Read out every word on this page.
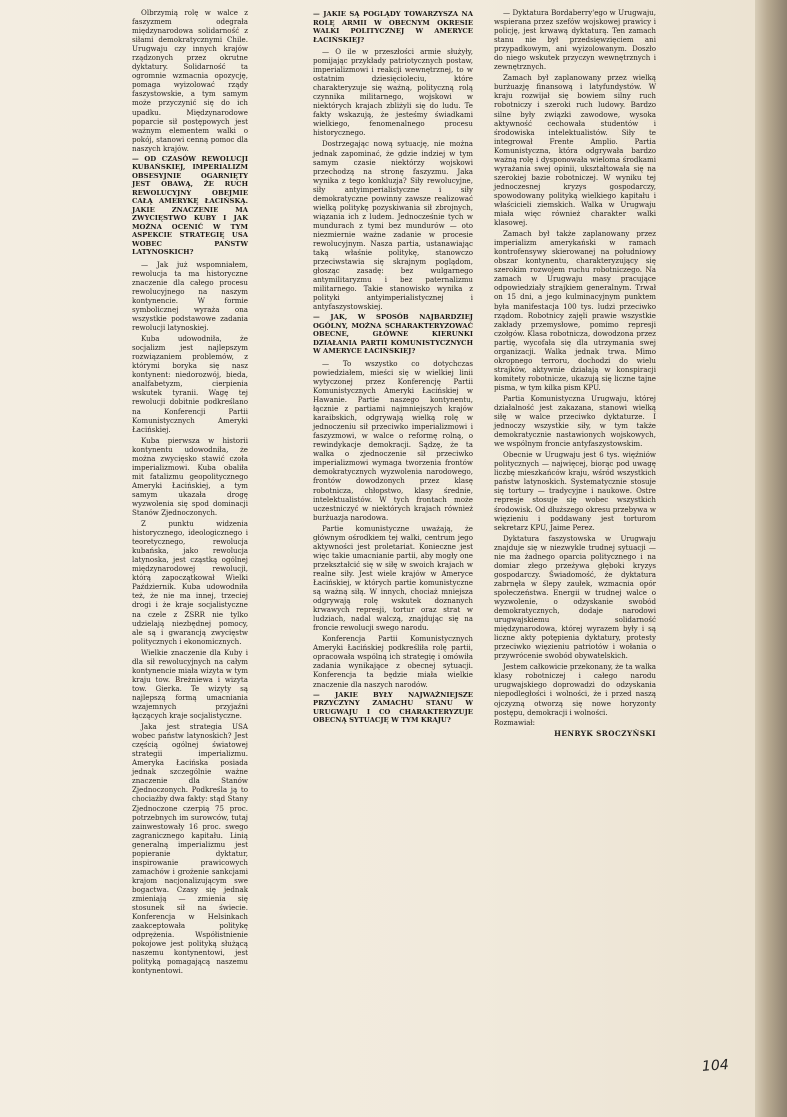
Olbrzymią rolę w walce z faszyzmem odegrała międzynarodowa solidarność z siłami demokratycznymi Chile. Urugwaju czy innych krajów rządzonych przez okrutne dyktatury. Solidarność ta ogromnie wzmacnia opozycję, pomaga wyizolować rządy faszystowskie, a tym samym może przyczynić się do ich upadku. Międzynarodowe poparcie sił postępowych jest ważnym elementem walki o pokój, stanowi cenną pomoc dla naszych krajów.

— OD CZASÓW REWOLUCJI KUBAŃSKIEJ, IMPERIALIZM OBSESYJNIE OGARNIĘTY JEST OBAWĄ, ŻE RUCH REWOLUCYJNY OBEJMIE CAŁĄ AMERYKĘ ŁACIŃSKĄ. JAKIE ZNACZENIE MA ZWYCIĘSTWO KUBY I JAK MOŻNA OCENIĆ W TYM ASPEKCIE STRATEGIĘ USA WOBEC PAŃSTW LATYNOSKICH?

— Jak już wspomniałem, rewolucja ta ma historyczne znaczenie dla całego procesu rewolucyjnego na naszym kontynencie. W formie symbolicznej wyraża ona wszystkie podstawowe zadania rewolucji latynoskiej.

Kuba udowodniła, że socjalizm jest najlepszym rozwiązaniem problemów, z którymi boryka się nasz kontynent: niedorozwój, bieda, analfabetyzm, cierpienia wskutek tyranii. Wagę tej rewolucji dobitnie podkreślano na Konferencji Partii Komunistycznych Ameryki Łacińskiej.

Kuba pierwsza w historii kontynentu udowodniła, że można zwycięsko stawić czoła imperializmowi. Kuba obaliła mit fatalizmu geopolitycznego Ameryki Łacińskiej, a tym samym ukazała drogę wyzwolenia się spod dominacji Stanów Zjednoczonych.

Z punktu widzenia historycznego, ideologicznego i teoretycznego, rewolucja kubańska, jako rewolucja latynoska, jest cząstką ogólnej międzynarodowej rewolucji, którą zapoczątkował Wielki Październik. Kuba udowodniła też, że nie ma innej, trzeciej drogi i że kraje socjalistyczne na czele z ZSRR nie tylko udzielają niezbędnej pomocy, ale są i gwarancją zwycięstw politycznych i ekonomicznych.

Wielkie znaczenie dla Kuby i dla sił rewolucyjnych na całym kontynencie miała wizyta w tym kraju tow. Breżniewa i wizyta tow. Gierka. Te wizyty są najlepszą formą umacniania wzajemnych przyjaźni łączących kraje socjalistyczne.

Jaka jest strategia USA wobec państw latynoskich? Jest częścią ogólnej światowej strategii imperializmu. Ameryka Łacińska posiada jednak szczególnie ważne znaczenie dla Stanów Zjednoczonych. Podkreśla ją to chociażby dwa fakty: stąd Stany Zjednoczone czerpią 75 proc. potrzebnych im surowców, tutaj zainwestowały 16 proc. swego zagranicznego kapitału. Linią generalną imperializmu jest popieranie dyktatur, inspirowanie prawicowych zamachów i grożenie sankcjami krajom nacjonalizującym swe bogactwa. Czasy się jednak zmieniają — zmienia się stosunek sił na świecie. Konferencja w Helsinkach zaakceptowała politykę odprężenia. Współistnienie pokojowe jest polityką służącą naszemu kontynentowi, jest polityką pomagającą naszemu kontynentowi.

— JAKIE SĄ POGLĄDY TOWARZYSZA NA ROLĘ ARMII W OBECNYM OKRESIE WALKI POLITYCZNEJ W AMERYCE ŁACIŃSKIEJ?

— O ile w przeszłości armie służyły, pomijając przykłady patriotycznych postaw, imperializmowi i reakcji wewnętrznej, to w ostatnim dziesięcioleciu, które charakteryzuje się ważną, polityczną rolą czynnika militarnego, wojskowi w niektórych krajach zbliżyli się do ludu. Te fakty wskazują, że jesteśmy świadkami wielkiego, fenomenalnego procesu historycznego.

Dostrzegając nową sytuację, nie można jednak zapominać, że gdzie indziej w tym samym czasie niektórzy wojskowi przechodzą na stronę faszyzmu. Jaka wynika z tego konkluzja? Siły rewolucyjne, siły antyimperialistyczne i siły demokratyczne powinny zawsze realizować wielką politykę pozyskiwania sił zbrojnych, wiązania ich z ludem. Jednocześnie tych w mundurach z tymi bez mundurów — oto niezmiernie ważne zadanie w procesie rewolucyjnym. Nasza partia, ustanawiając taką właśnie politykę, stanowczo przeciwstawia się skrajnym poglądom, głosząc zasadę: bez wulgarnego antymilitaryzmu i bez paternalizmu militarnego. Takie stanowisko wynika z polityki antyimperialistycznej i antyfaszystowskiej.

— JAK, W SPOSÓB NAJBARDZIEJ OGÓLNY, MOŻNA SCHARAKTERYZOWAĆ OBECNE, GŁÓWNE KIERUNKI DZIAŁANIA PARTII KOMUNISTYCZNYCH W AMERYCE ŁACIŃSKIEJ?

— To wszystko co dotychczas powiedziałem, mieści się w wielkiej linii wytyczonej przez Konferencję Partii Komunistycznych Ameryki Łacińskiej w Hawanie. Partie naszego kontynentu, łącznie z partiami najmniejszych krajów karaibskich, odgrywają wielką rolę w jednoczeniu sił przeciwko imperializmowi i faszyzmowi, w walce o reformę rolną, o rewindykacje demokracji. Sądzę, że ta walka o zjednoczenie sił przeciwko imperializmowi wymaga tworzenia frontów demokratycznych wyzwolenia narodowego, frontów dowodzonych przez klasę robotnicza, chłopstwo, klasy średnie, intelektualistów. W tych frontach może uczestniczyć w niektórych krajach również burżuazja narodowa.

Partie komunistyczne uważają, że głównym ośrodkiem tej walki, centrum jego aktywności jest proletariat. Konieczne jest więc takie umacnianie partii, aby mogły one przekształcić się w siłę w swoich krajach w realne siły. Jest wiele krajów w Ameryce Łacińskiej, w których partie komunistyczne są ważną siłą. W innych, chociaż mniejsza odgrywają rolę wskutek doznanych krwawych represji, tortur oraz strat w ludziach, nadal walczą, znajdując się na froncie rewolucji swego narodu.

Konferencja Partii Komunistycznych Ameryki Łacińskiej podkreśliła rolę partii, opracowała wspólną ich strategię i omówiła zadania wynikające z obecnej sytuacji. Konferencja ta będzie miała wielkie znaczenie dla naszych narodów.

— JAKIE BYŁY NAJWAŻNIEJSZE PRZYCZYNY ZAMACHU STANU W URUGWAJU I CO CHARAKTERYZUJE OBECNĄ SYTUACJĘ W TYM KRAJU?

— Dyktatura Bordaberry'ego w Urugwaju, wspierana przez szefów wojskowej prawicy i policję, jest krwawą dyktaturą. Ten zamach stanu nie był przedsięwzięciem ani przypadkowym, ani wyizolowanym. Doszło do niego wskutek przyczyn wewnętrznych i zewnętrznych.

Zamach był zaplanowany przez wielką burżuazję finansową i latyfundystów. W kraju rozwijał się bowiem silny ruch robotniczy i szeroki ruch ludowy. Bardzo silne były związki zawodowe, wysoka aktywność cechowała studentów i środowiska intelektualistów. Siły te integrował Frente Amplio. Partia Komunistyczna, która odgrywała bardzo ważną rolę i dysponowała wieloma środkami wyrażania swej opinii, ukształtowała się na szerokiej bazie robotniczej. W wyniku tej jednoczesnej kryzys gospodarczy, spowodowany polityką wielkiego kapitału i właścicieli ziemskich. Walka w Urugwaju miała więc również charakter walki klasowej.

Zamach był także zaplanowany przez imperializm amerykański w ramach kontrofensywy skierowanej na południowy obszar kontynentu, charakteryzujący się szerokim rozwojem ruchu robotniczego. Na zamach w Urugwaju masy pracujące odpowiedziały strajkiem generalnym. Trwał on 15 dni, a jego kulminacyjnym punktem była manifestacja 100 tys. ludzi przeciwko rządom. Robotnicy zajęli prawie wszystkie zakłady przemysłowe, pomimo represji czołgów. Klasa robotnicza, dowodzona przez partię, wycofała się dla utrzymania swej organizacji. Walka jednak trwa. Mimo okropnego terroru, dochodzi do wielu strajków, aktywnie działają w konspiracji komitety robotnicze, ukazują się liczne tajne pisma, w tym kilka pism KPU.

Partia Komunistyczna Urugwaju, której działalność jest zakazana, stanowi wielką siłę w walce przeciwko dyktaturze. I jednoczy wszystkie siły, w tym także demokratycznie nastawionych wojskowych, we wspólnym froncie antyfaszystowskim.

Obecnie w Urugwaju jest 6 tys. więźniów politycznych — najwięcej, biorąc pod uwagę liczbę mieszkańców kraju, wśród wszystkich państw latynoskich. Systematycznie stosuje się tortury — tradycyjne i naukowe. Ostre represje stosuje się wobec wszystkich środowisk. Od dłuższego okresu przebywa w więzieniu i poddawany jest torturom sekretarz KPU, Jaime Perez.

Dyktatura faszystowska w Urugwaju znajduje się w niezwykle trudnej sytuacji — nie ma żadnego oparcia politycznego i na domiar złego przeżywa głęboki kryzys gospodarczy. Świadomość, że dyktatura zabrnęła w ślepy zaułek, wzmacnia opór społeczeństwa. Energii w trudnej walce o wyzwolenie, o odzyskanie swobód demokratycznych, dodaje narodowi urugwajskiemu solidarność międzynarodowa, której wyrazem były i są liczne akty potępienia dyktatury, protesty przeciwko więzieniu patriotów i wołania o przywrócenie swobód obywatelskich.

Jestem całkowicie przekonany, że ta walka klasy robotniczej i całego narodu urugwajskiego doprowadzi do odzyskania niepodległości i wolności, że i przed naszą ojczyzną otworzą się nowe horyzonty postępu, demokracji i wolności.

Rozmawiał:
HENRYK SROCZYŃSKI
104
